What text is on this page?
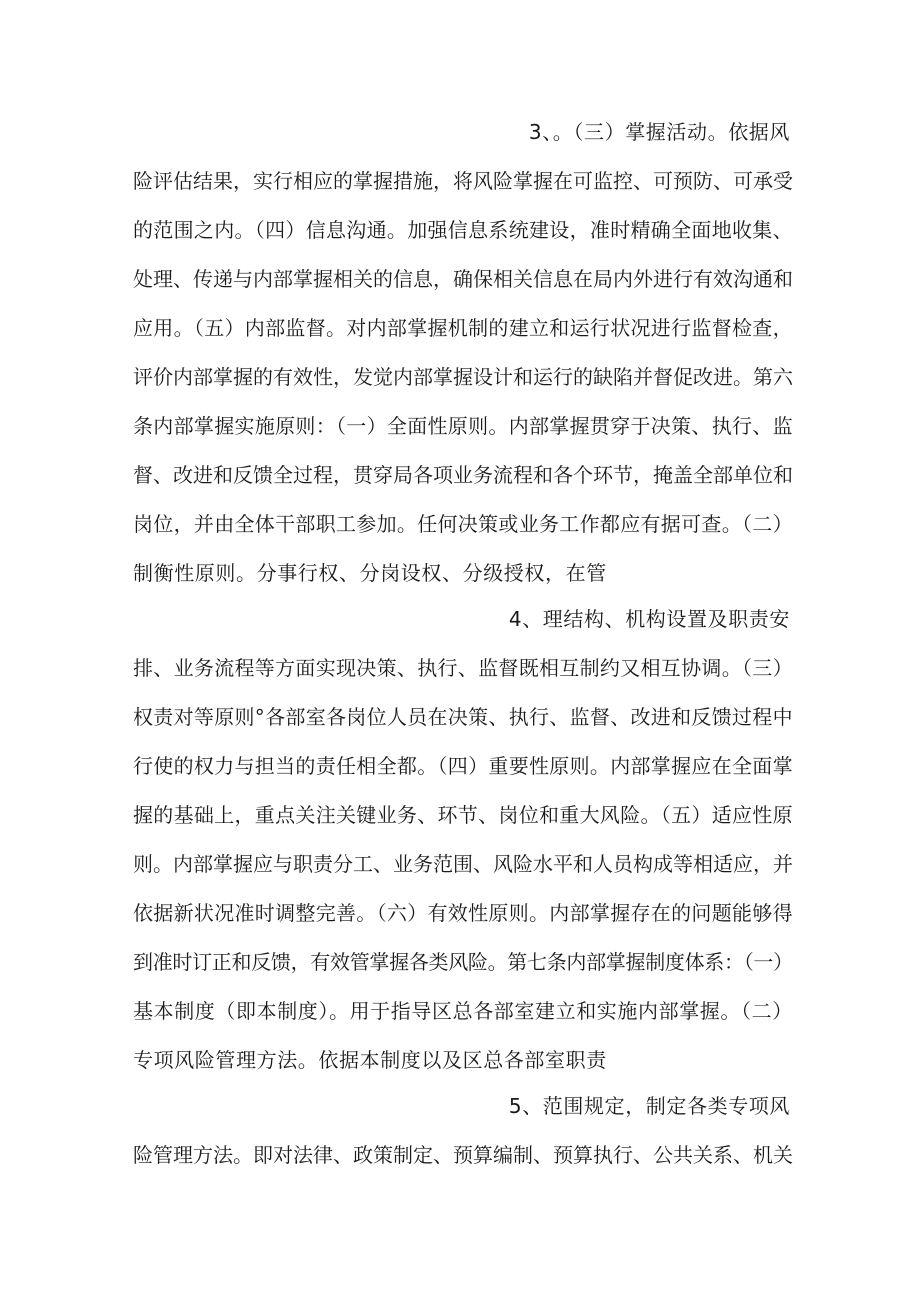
3、。（三）掌握活动。依据风
险评估结果，实行相应的掌握措施，将风险掌握在可监控、可预防、可承受
的范围之内。（四）信息沟通。加强信息系统建设，准时精确全面地收集、
处理、传递与内部掌握相关的信息，确保相关信息在局内外进行有效沟通和
应用。（五）内部监督。对内部掌握机制的建立和运行状况进行监督检查，
评价内部掌握的有效性，发觉内部掌握设计和运行的缺陷并督促改进。第六
条内部掌握实施原则：（一）全面性原则。内部掌握贯穿于决策、执行、监
督、改进和反馈全过程，贯穿局各项业务流程和各个环节，掩盖全部单位和
岗位，并由全体干部职工参加。任何决策或业务工作都应有据可查。（二）
制衡性原则。分事行权、分岗设权、分级授权，在管
4、理结构、机构设置及职责安
排、业务流程等方面实现决策、执行、监督既相互制约又相互协调。（三）
权责对等原则°各部室各岗位人员在决策、执行、监督、改进和反馈过程中
行使的权力与担当的责任相全都。（四）重要性原则。内部掌握应在全面掌
握的基础上，重点关注关键业务、环节、岗位和重大风险。（五）适应性原
则。内部掌握应与职责分工、业务范围、风险水平和人员构成等相适应，并
依据新状况准时调整完善。（六）有效性原则。内部掌握存在的问题能够得
到准时订正和反馈，有效管掌握各类风险。第七条内部掌握制度体系：（一）
基本制度（即本制度）。用于指导区总各部室建立和实施内部掌握。（二）
专项风险管理方法。依据本制度以及区总各部室职责
5、范围规定，制定各类专项风
险管理方法。即对法律、政策制定、预算编制、预算执行、公共关系、机关
